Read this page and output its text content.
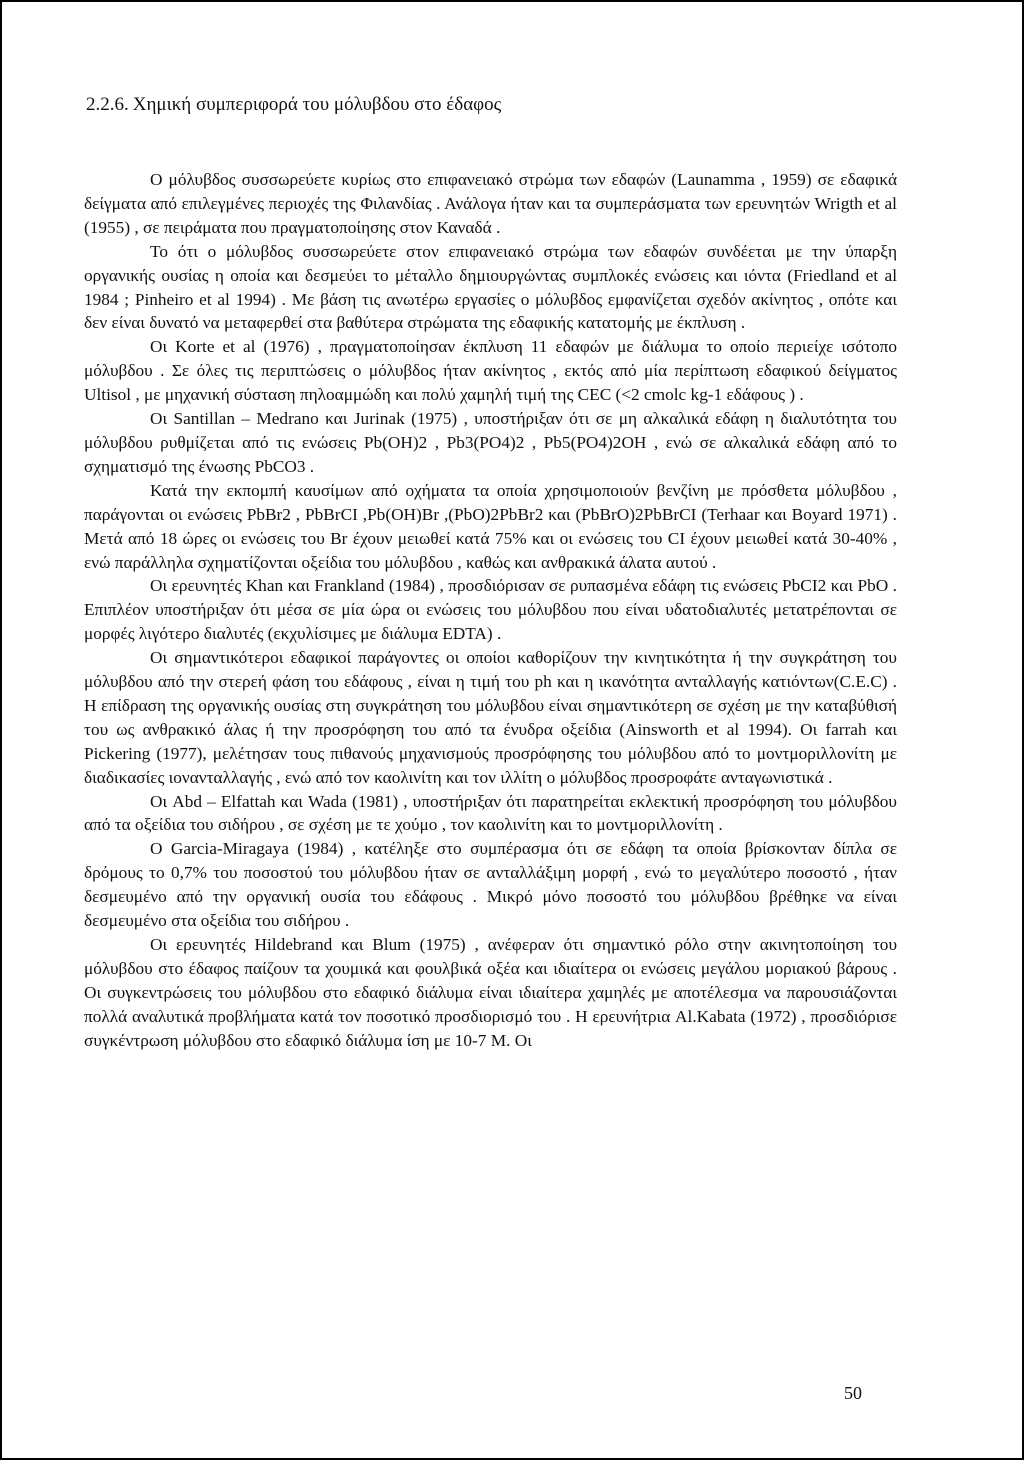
2.2.6. Χημική συμπεριφορά του μόλυβδου στο έδαφος

Ο μόλυβδος συσσωρεύετε κυρίως στο επιφανειακό στρώμα των εδαφών (Launamma , 1959) σε εδαφικά δείγματα από επιλεγμένες περιοχές της Φιλανδίας . Ανάλογα ήταν και τα συμπεράσματα των ερευνητών Wrigth et al (1955) , σε πειράματα που πραγματοποίησης στον Καναδά .

Το ότι ο μόλυβδος συσσωρεύετε στον επιφανειακό στρώμα των εδαφών συνδέεται με την ύπαρξη οργανικής ουσίας η οποία και δεσμεύει το μέταλλο δημιουργώντας συμπλοκές ενώσεις και ιόντα (Friedland et al 1984 ; Pinheiro et al 1994) . Με βάση τις ανωτέρω εργασίες ο μόλυβδος εμφανίζεται σχεδόν ακίνητος , οπότε και δεν είναι δυνατό να μεταφερθεί στα βαθύτερα στρώματα της εδαφικής κατατομής με έκπλυση .

Οι Korte et al (1976) , πραγματοποίησαν έκπλυση 11 εδαφών με διάλυμα το οποίο περιείχε ισότοπο μόλυβδου . Σε όλες τις περιπτώσεις ο μόλυβδος ήταν ακίνητος , εκτός από μία περίπτωση εδαφικού δείγματος Ultisol , με μηχανική σύσταση πηλοαμμώδη και πολύ χαμηλή τιμή της CEC (<2 cmolc kg-1 εδάφους ) .

Οι Santillan – Medrano και Jurinak (1975) , υποστήριξαν ότι σε μη αλκαλικά εδάφη η διαλυτότητα του μόλυβδου ρυθμίζεται από τις ενώσεις Pb(OH)2 , Pb3(PO4)2 , Pb5(PO4)2OH , ενώ σε αλκαλικά εδάφη από το σχηματισμό της ένωσης PbCO3 .

Κατά την εκπομπή καυσίμων από οχήματα τα οποία χρησιμοποιούν βενζίνη με πρόσθετα μόλυβδου , παράγονται οι ενώσεις PbBr2 , PbBrCI ,Pb(OH)Br ,(PbO)2PbBr2 και (PbBrO)2PbBrCI (Terhaar και Boyard 1971) . Μετά από 18 ώρες οι ενώσεις του Br έχουν μειωθεί κατά 75% και οι ενώσεις του CI έχουν μειωθεί κατά 30-40% , ενώ παράλληλα σχηματίζονται οξείδια του μόλυβδου , καθώς και ανθρακικά άλατα αυτού .

Οι ερευνητές Khan και Frankland (1984) , προσδιόρισαν σε ρυπασμένα εδάφη τις ενώσεις PbCI2 και PbO . Επιπλέον υποστήριξαν ότι μέσα σε μία ώρα οι ενώσεις του μόλυβδου που είναι υδατοδιαλυτές μετατρέπονται σε μορφές λιγότερο διαλυτές (εκχυλίσιμες με διάλυμα EDTA) .

Οι σημαντικότεροι εδαφικοί παράγοντες οι οποίοι καθορίζουν την κινητικότητα ή την συγκράτηση του μόλυβδου από την στερεή φάση του εδάφους , είναι η τιμή του ph και η ικανότητα ανταλλαγής κατιόντων(C.E.C) . Η επίδραση της οργανικής ουσίας στη συγκράτηση του μόλυβδου είναι σημαντικότερη σε σχέση με την καταβύθισή του ως ανθρακικό άλας ή την προσρόφηση του από τα ένυδρα οξείδια (Ainsworth et al 1994). Οι farrah και Pickering (1977), μελέτησαν τους πιθανούς μηχανισμούς προσρόφησης του μόλυβδου από το μοντμοριλλονίτη με διαδικασίες ιονανταλλαγής , ενώ από τον καολινίτη και τον ιλλίτη ο μόλυβδος προσροφάτε ανταγωνιστικά .

Οι Abd – Elfattah και Wada (1981) , υποστήριξαν ότι παρατηρείται εκλεκτική προσρόφηση του μόλυβδου από τα οξείδια του σιδήρου , σε σχέση με τε χούμο , τον καολινίτη και το μοντμοριλλονίτη .

Ο Garcia-Miragaya (1984) , κατέληξε στο συμπέρασμα ότι σε εδάφη τα οποία βρίσκονταν δίπλα σε δρόμους το 0,7% του ποσοστού του μόλυβδου ήταν σε ανταλλάξιμη μορφή , ενώ το μεγαλύτερο ποσοστό , ήταν δεσμευμένο από την οργανική ουσία του εδάφους . Μικρό μόνο ποσοστό του μόλυβδου βρέθηκε να είναι δεσμευμένο στα οξείδια του σιδήρου .

Οι ερευνητές Hildebrand και Blum (1975) , ανέφεραν ότι σημαντικό ρόλο στην ακινητοποίηση του μόλυβδου στο έδαφος παίζουν τα χουμικά και φουλβικά οξέα και ιδιαίτερα οι ενώσεις μεγάλου μοριακού βάρους . Οι συγκεντρώσεις του μόλυβδου στο εδαφικό διάλυμα είναι ιδιαίτερα χαμηλές με αποτέλεσμα να παρουσιάζονται πολλά αναλυτικά προβλήματα κατά τον ποσοτικό προσδιορισμό του . Η ερευνήτρια Al.Kabata (1972) , προσδιόρισε συγκέντρωση μόλυβδου στο εδαφικό διάλυμα ίση με 10-7 M. Οι

50
